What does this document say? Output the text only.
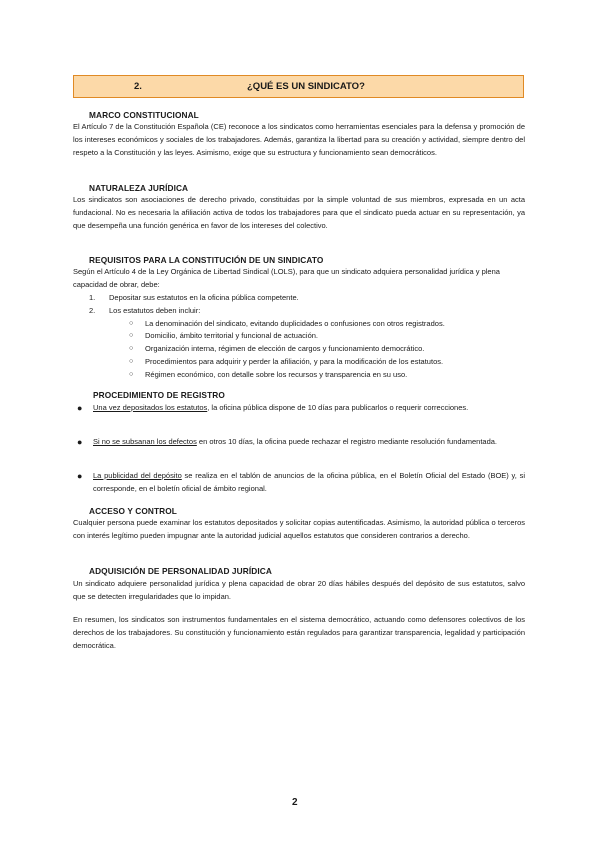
2.	¿QUÉ ES UN SINDICATO?
MARCO CONSTITUCIONAL

El Artículo 7 de la Constitución Española (CE) reconoce a los sindicatos como herramientas esenciales para la defensa y promoción de los intereses económicos y sociales de los trabajadores. Además, garantiza la libertad para su creación y actividad, siempre dentro del respeto a la Constitución y las leyes. Asimismo, exige que su estructura y funcionamiento sean democráticos.

NATURALEZA JURÍDICA

Los sindicatos son asociaciones de derecho privado, constituidas por la simple voluntad de sus miembros, expresada en un acta fundacional. No es necesaria la afiliación activa de todos los trabajadores para que el sindicato pueda actuar en su representación, ya que desempeña una función genérica en favor de los intereses del colectivo.

REQUISITOS PARA LA CONSTITUCIÓN DE UN SINDICATO

Según el Artículo 4 de la Ley Orgánica de Libertad Sindical (LOLS), para que un sindicato adquiera personalidad jurídica y plena capacidad de obrar, debe:

1. Depositar sus estatutos en la oficina pública competente.
2. Los estatutos deben incluir:
○ La denominación del sindicato, evitando duplicidades o confusiones con otros registrados.
○ Domicilio, ámbito territorial y funcional de actuación.
○ Organización interna, régimen de elección de cargos y funcionamiento democrático.
○ Procedimientos para adquirir y perder la afiliación, y para la modificación de los estatutos.
○ Régimen económico, con detalle sobre los recursos y transparencia en su uso.
PROCEDIMIENTO DE REGISTRO
●	Una vez depositados los estatutos, la oficina pública dispone de 10 días para publicarlos o requerir correcciones.
●	Si no se subsanan los defectos en otros 10 días, la oficina puede rechazar el registro mediante resolución fundamentada.
●	La publicidad del depósito se realiza en el tablón de anuncios de la oficina pública, en el Boletín Oficial del Estado (BOE) y, si corresponde, en el boletín oficial de ámbito regional.
ACCESO Y CONTROL

Cualquier persona puede examinar los estatutos depositados y solicitar copias autentificadas. Asimismo, la autoridad pública o terceros con interés legítimo pueden impugnar ante la autoridad judicial aquellos estatutos que consideren contrarios a derecho.

ADQUISICIÓN DE PERSONALIDAD JURÍDICA

Un sindicato adquiere personalidad jurídica y plena capacidad de obrar 20 días hábiles después del depósito de sus estatutos, salvo que se detecten irregularidades que lo impidan.

En resumen, los sindicatos son instrumentos fundamentales en el sistema democrático, actuando como defensores colectivos de los derechos de los trabajadores. Su constitución y funcionamiento están regulados para garantizar transparencia, legalidad y participación democrática.

2
